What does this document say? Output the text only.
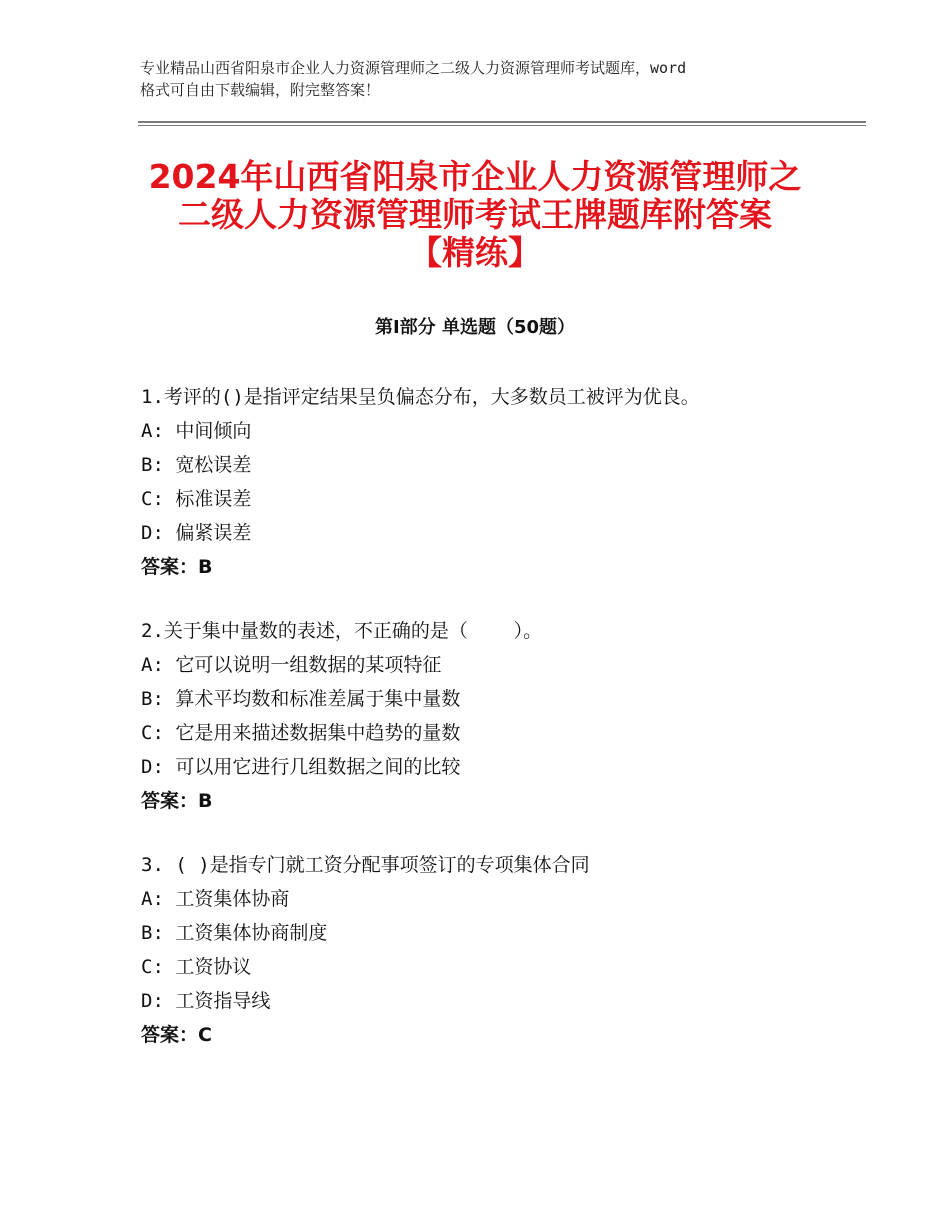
专业精品山西省阳泉市企业人力资源管理师之二级人力资源管理师考试题库，word
格式可自由下载编辑，附完整答案！
2024年山西省阳泉市企业人力资源管理师之
二级人力资源管理师考试王牌题库附答案
【精练】
第Ⅰ部分 单选题（50题）
1.考评的()是指评定结果呈负偏态分布，大多数员工被评为优良。
A: 中间倾向
B: 宽松误差
C: 标准误差
D: 偏紧误差
答案：B
2.关于集中量数的表述，不正确的是（    ）。
A: 它可以说明一组数据的某项特征
B: 算术平均数和标准差属于集中量数
C: 它是用来描述数据集中趋势的量数
D: 可以用它进行几组数据之间的比较
答案：B
3. ( )是指专门就工资分配事项签订的专项集体合同
A: 工资集体协商
B: 工资集体协商制度
C: 工资协议
D: 工资指导线
答案：C
